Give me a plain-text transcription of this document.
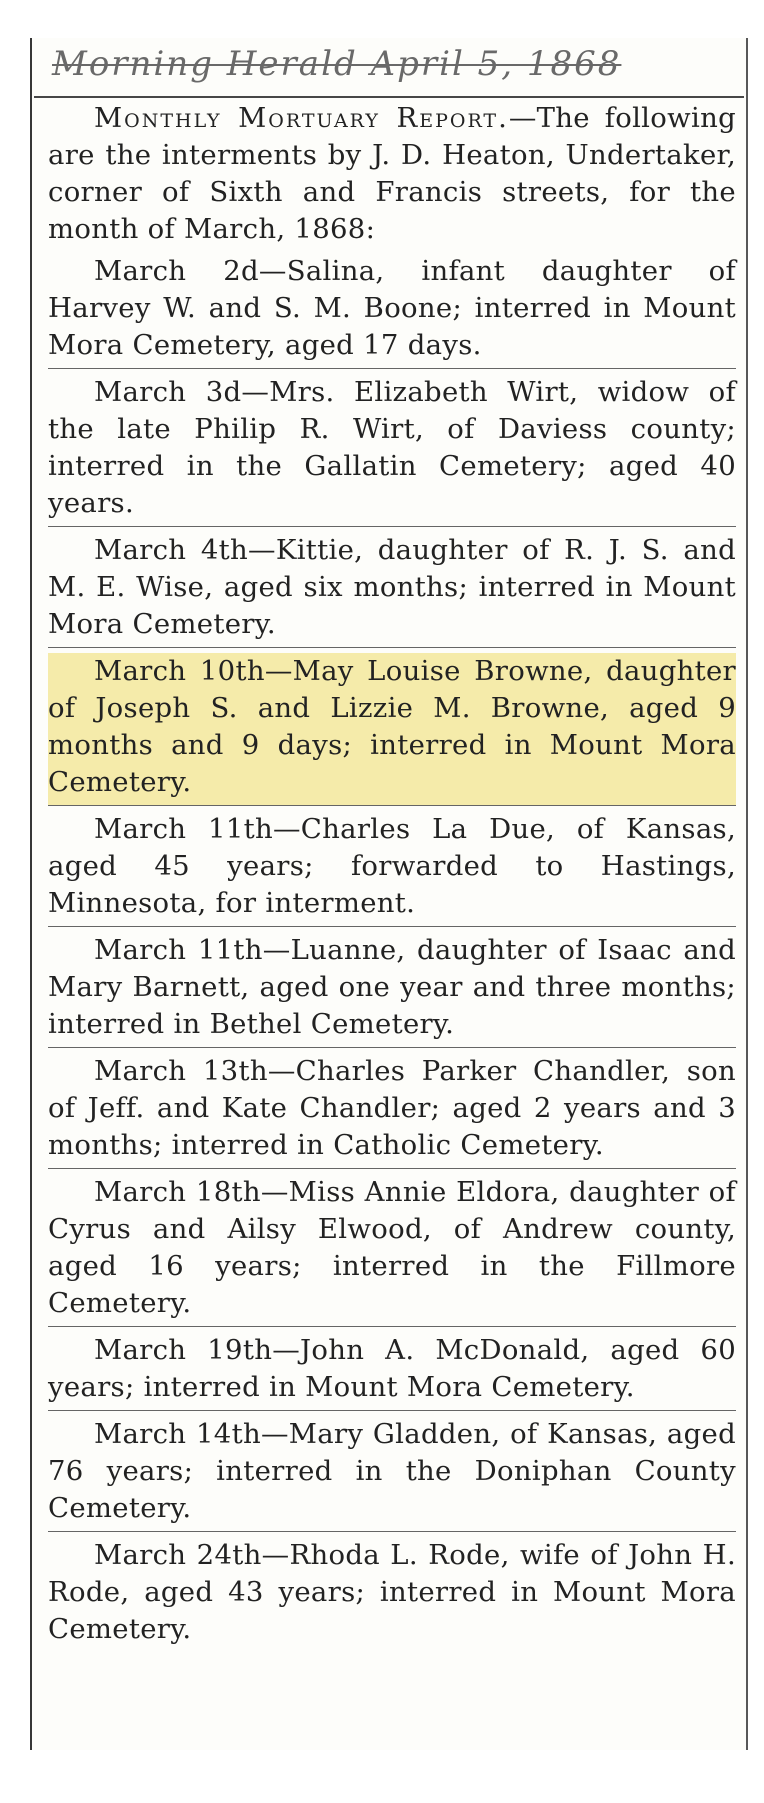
Morning Herald April 5, 1868

Monthly Mortuary Report.—The following are the interments by J. D. Heaton, Undertaker, corner of Sixth and Francis streets, for the month of March, 1868:

March 2d—Salina, infant daughter of Harvey W. and S. M. Boone; interred in Mount Mora Cemetery, aged 17 days.

March 3d—Mrs. Elizabeth Wirt, widow of the late Philip R. Wirt, of Daviess county; interred in the Gallatin Cemetery; aged 40 years.

March 4th—Kittie, daughter of R. J. S. and M. E. Wise, aged six months; interred in Mount Mora Cemetery.

March 10th—May Louise Browne, daughter of Joseph S. and Lizzie M. Browne, aged 9 months and 9 days; interred in Mount Mora Cemetery.

March 11th—Charles La Due, of Kansas, aged 45 years; forwarded to Hastings, Minnesota, for interment.

March 11th—Luanne, daughter of Isaac and Mary Barnett, aged one year and three months; interred in Bethel Cemetery.

March 13th—Charles Parker Chandler, son of Jeff. and Kate Chandler; aged 2 years and 3 months; interred in Catholic Cemetery.

March 18th—Miss Annie Eldora, daughter of Cyrus and Ailsy Elwood, of Andrew county, aged 16 years; interred in the Fillmore Cemetery.

March 19th—John A. McDonald, aged 60 years; interred in Mount Mora Cemetery.

March 14th—Mary Gladden, of Kansas, aged 76 years; interred in the Doniphan County Cemetery.

March 24th—Rhoda L. Rode, wife of John H. Rode, aged 43 years; interred in Mount Mora Cemetery.
